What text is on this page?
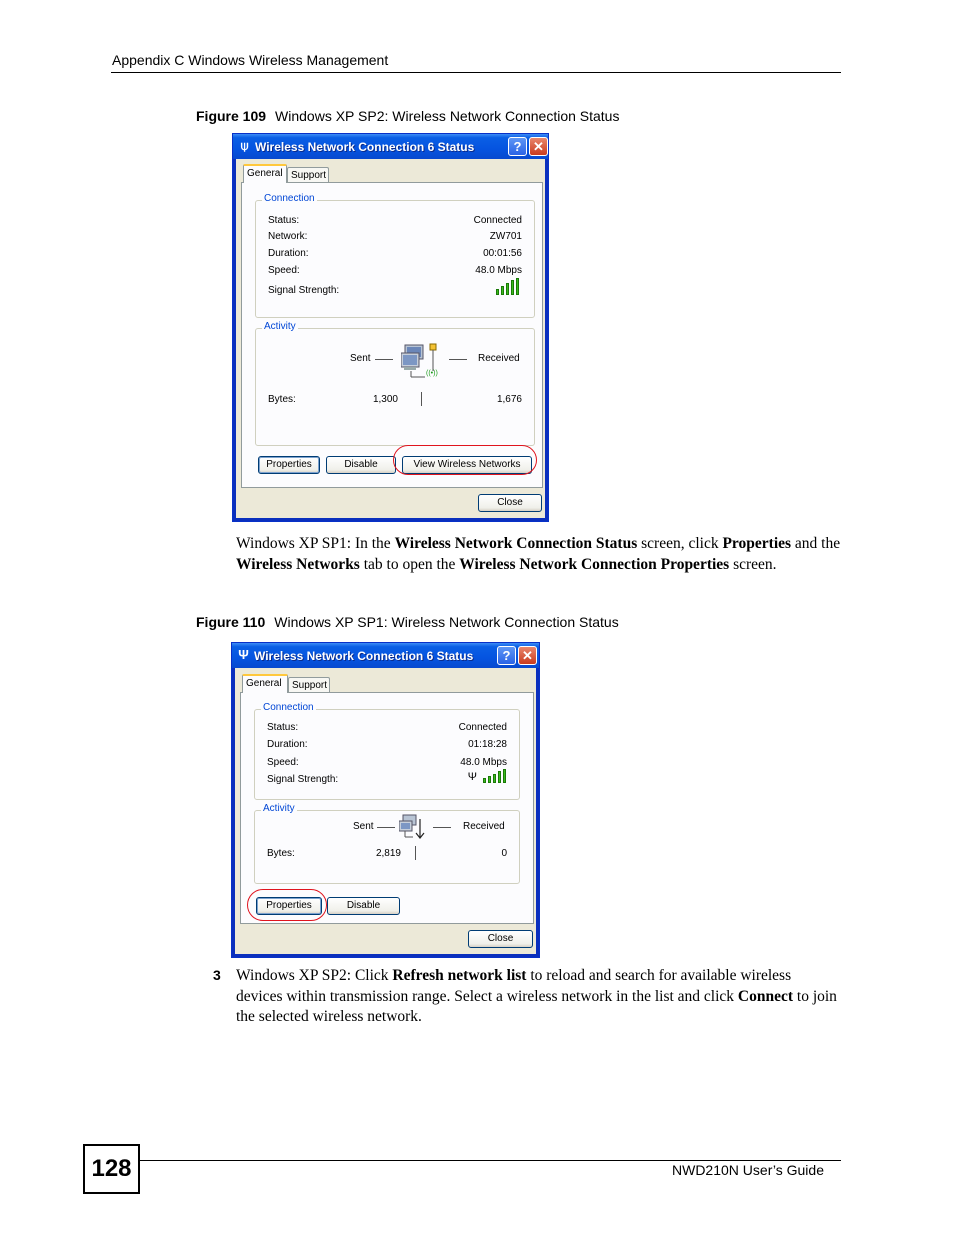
Appendix C Windows Wireless Management
Figure 109 Windows XP SP2: Wireless Network Connection Status
⍦ Wireless Network Connection 6 Status	? ✕
General Support
Connection
Status:	Connected
Network:	ZW701
Duration:	00:01:56
Speed:	48.0 Mbps
Signal Strength:
Activity
Sent
((•))
Received
Bytes:	1,300	1,676
Properties	Disable	View Wireless Networks
Close
Windows XP SP1: In the Wireless Network Connection Status screen, click Properties and the Wireless Networks tab to open the Wireless Network Connection Properties screen.
Figure 110 Windows XP SP1: Wireless Network Connection Status
Ψ Wireless Network Connection 6 Status	? ✕
General	Support
Connection
Status:	Connected
Duration:	01:18:28
Speed:	48.0 Mbps
Signal Strength:	Ψ
Activity
Sent	Received
Bytes:	2,819	0
Properties	Disable
Close
3 Windows XP SP2: Click Refresh network list to reload and search for available wireless devices within transmission range. Select a wireless network in the list and click Connect to join the selected wireless network.
128	NWD210N User’s Guide
